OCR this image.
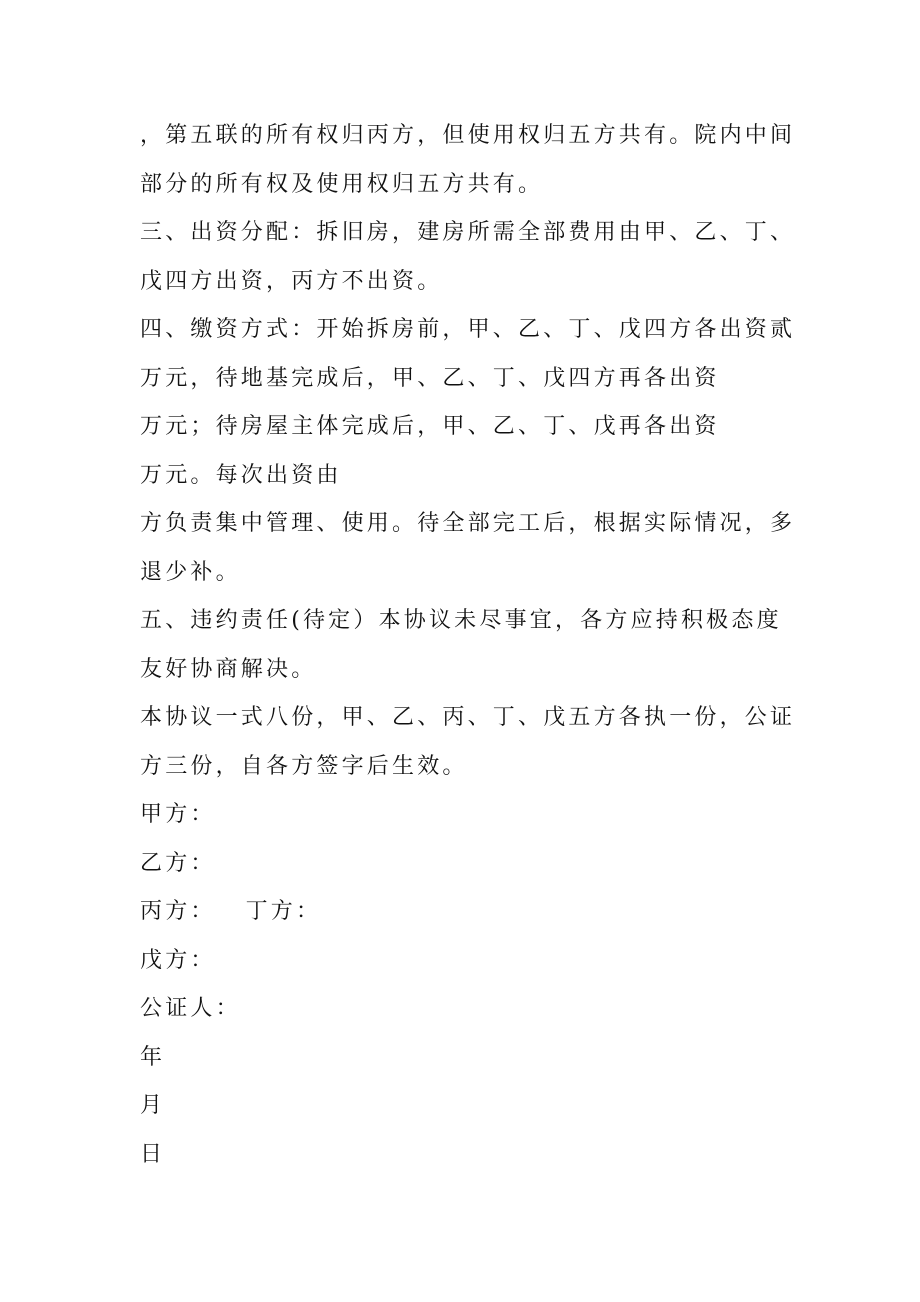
，第五联的所有权归丙方，但使用权归五方共有。院内中间
部分的所有权及使用权归五方共有。
三、出资分配：拆旧房，建房所需全部费用由甲、乙、丁、
戊四方出资，丙方不出资。
四、缴资方式：开始拆房前，甲、乙、丁、戊四方各出资贰
万元，待地基完成后，甲、乙、丁、戊四方再各出资
万元；待房屋主体完成后，甲、乙、丁、戊再各出资
万元。每次出资由
方负责集中管理、使用。待全部完工后，根据实际情况，多
退少补。
五、违约责任(待定）本协议未尽事宜，各方应持积极态度
友好协商解决。
本协议一式八份，甲、乙、丙、丁、戊五方各执一份，公证
方三份，自各方签字后生效。
甲方：
乙方：
丙方： 丁方：
戊方：
公证人：
年
月
日
